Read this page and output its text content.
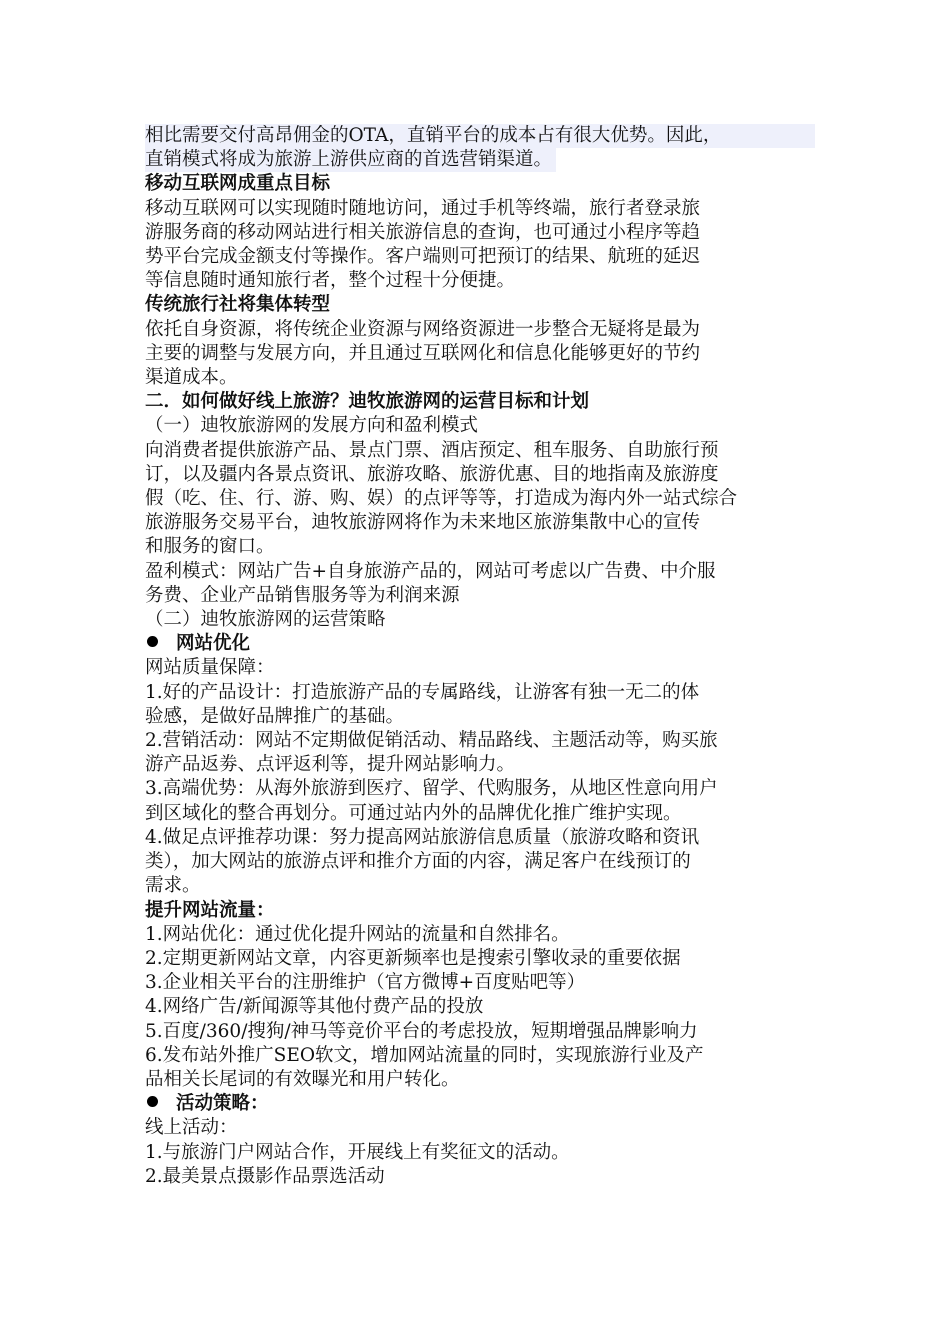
相比需要交付高昂佣金的OTA，直销平台的成本占有很大优势。因此，
直销模式将成为旅游上游供应商的首选营销渠道。
移动互联网成重点目标
移动互联网可以实现随时随地访问，通过手机等终端，旅行者登录旅
游服务商的移动网站进行相关旅游信息的查询，也可通过小程序等趋
势平台完成金额支付等操作。客户端则可把预订的结果、航班的延迟
等信息随时通知旅行者，整个过程十分便捷。
传统旅行社将集体转型
依托自身资源，将传统企业资源与网络资源进一步整合无疑将是最为
主要的调整与发展方向，并且通过互联网化和信息化能够更好的节约
渠道成本。
二．如何做好线上旅游？迪牧旅游网的运营目标和计划
（一）迪牧旅游网的发展方向和盈利模式
向消费者提供旅游产品、景点门票、酒店预定、租车服务、自助旅行预
订，以及疆内各景点资讯、旅游攻略、旅游优惠、目的地指南及旅游度
假（吃、住、行、游、购、娱）的点评等等，打造成为海内外一站式综合
旅游服务交易平台，迪牧旅游网将作为未来地区旅游集散中心的宣传
和服务的窗口。
盈利模式：网站广告+自身旅游产品的，网站可考虑以广告费、中介服
务费、企业产品销售服务等为利润来源
（二）迪牧旅游网的运营策略
网站优化
网站质量保障：
1.好的产品设计：打造旅游产品的专属路线，让游客有独一无二的体
验感，是做好品牌推广的基础。
2.营销活动：网站不定期做促销活动、精品路线、主题活动等，购买旅
游产品返劵、点评返利等，提升网站影响力。
3.高端优势：从海外旅游到医疗、留学、代购服务，从地区性意向用户
到区域化的整合再划分。可通过站内外的品牌优化推广维护实现。
4.做足点评推荐功课：努力提高网站旅游信息质量（旅游攻略和资讯
类），加大网站的旅游点评和推介方面的内容，满足客户在线预订的
需求。
提升网站流量：
1.网站优化：通过优化提升网站的流量和自然排名。
2.定期更新网站文章，内容更新频率也是搜索引擎收录的重要依据
3.企业相关平台的注册维护（官方微博+百度贴吧等）
4.网络广告/新闻源等其他付费产品的投放
5.百度/360/搜狗/神马等竞价平台的考虑投放，短期增强品牌影响力
6.发布站外推广SEO软文，增加网站流量的同时，实现旅游行业及产
品相关长尾词的有效曝光和用户转化。
活动策略：
线上活动：
1.与旅游门户网站合作，开展线上有奖征文的活动。
2.最美景点摄影作品票选活动
